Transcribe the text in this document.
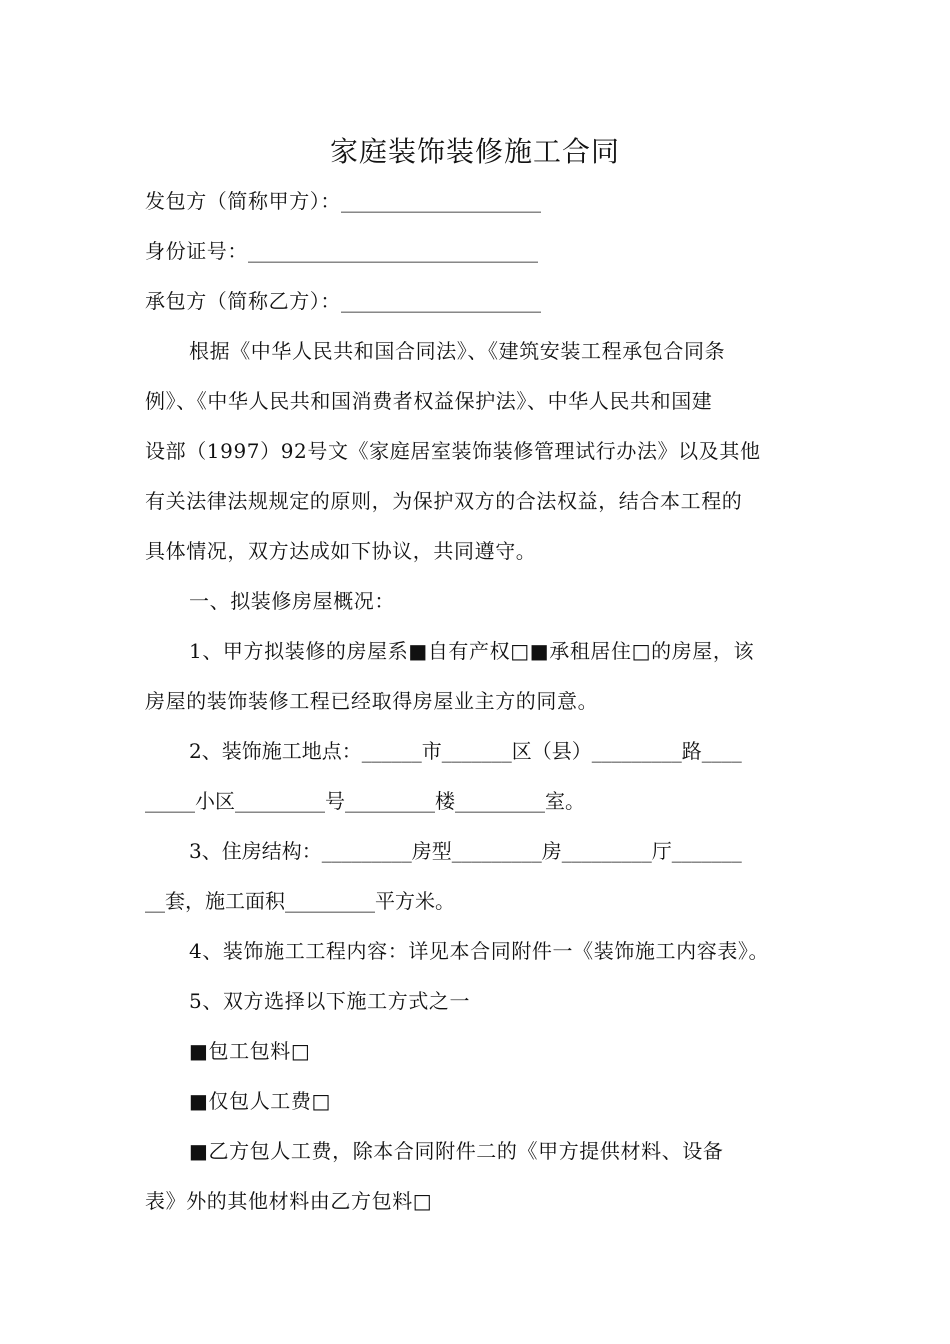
家庭装饰装修施工合同
发包方（简称甲方）：____________________
身份证号：_____________________________
承包方（简称乙方）：____________________
根据《中华人民共和国合同法》、《建筑安装工程承包合同条
例》、《中华人民共和国消费者权益保护法》、中华人民共和国建
设部（1997）92号文《家庭居室装饰装修管理试行办法》以及其他
有关法律法规规定的原则，为保护双方的合法权益，结合本工程的
具体情况，双方达成如下协议，共同遵守。
一、拟装修房屋概况：
1、甲方拟装修的房屋系■自有产权□■承租居住□的房屋，该
房屋的装饰装修工程已经取得房屋业主方的同意。
2、装饰施工地点：______市_______区（县）_________路____
_____小区_________号_________楼_________室。
3、住房结构：_________房型_________房_________厅_______
__套，施工面积_________平方米。
4、装饰施工工程内容：详见本合同附件一《装饰施工内容表》。
5、双方选择以下施工方式之一
■包工包料□
■仅包人工费□
■乙方包人工费，除本合同附件二的《甲方提供材料、设备
表》外的其他材料由乙方包料□
